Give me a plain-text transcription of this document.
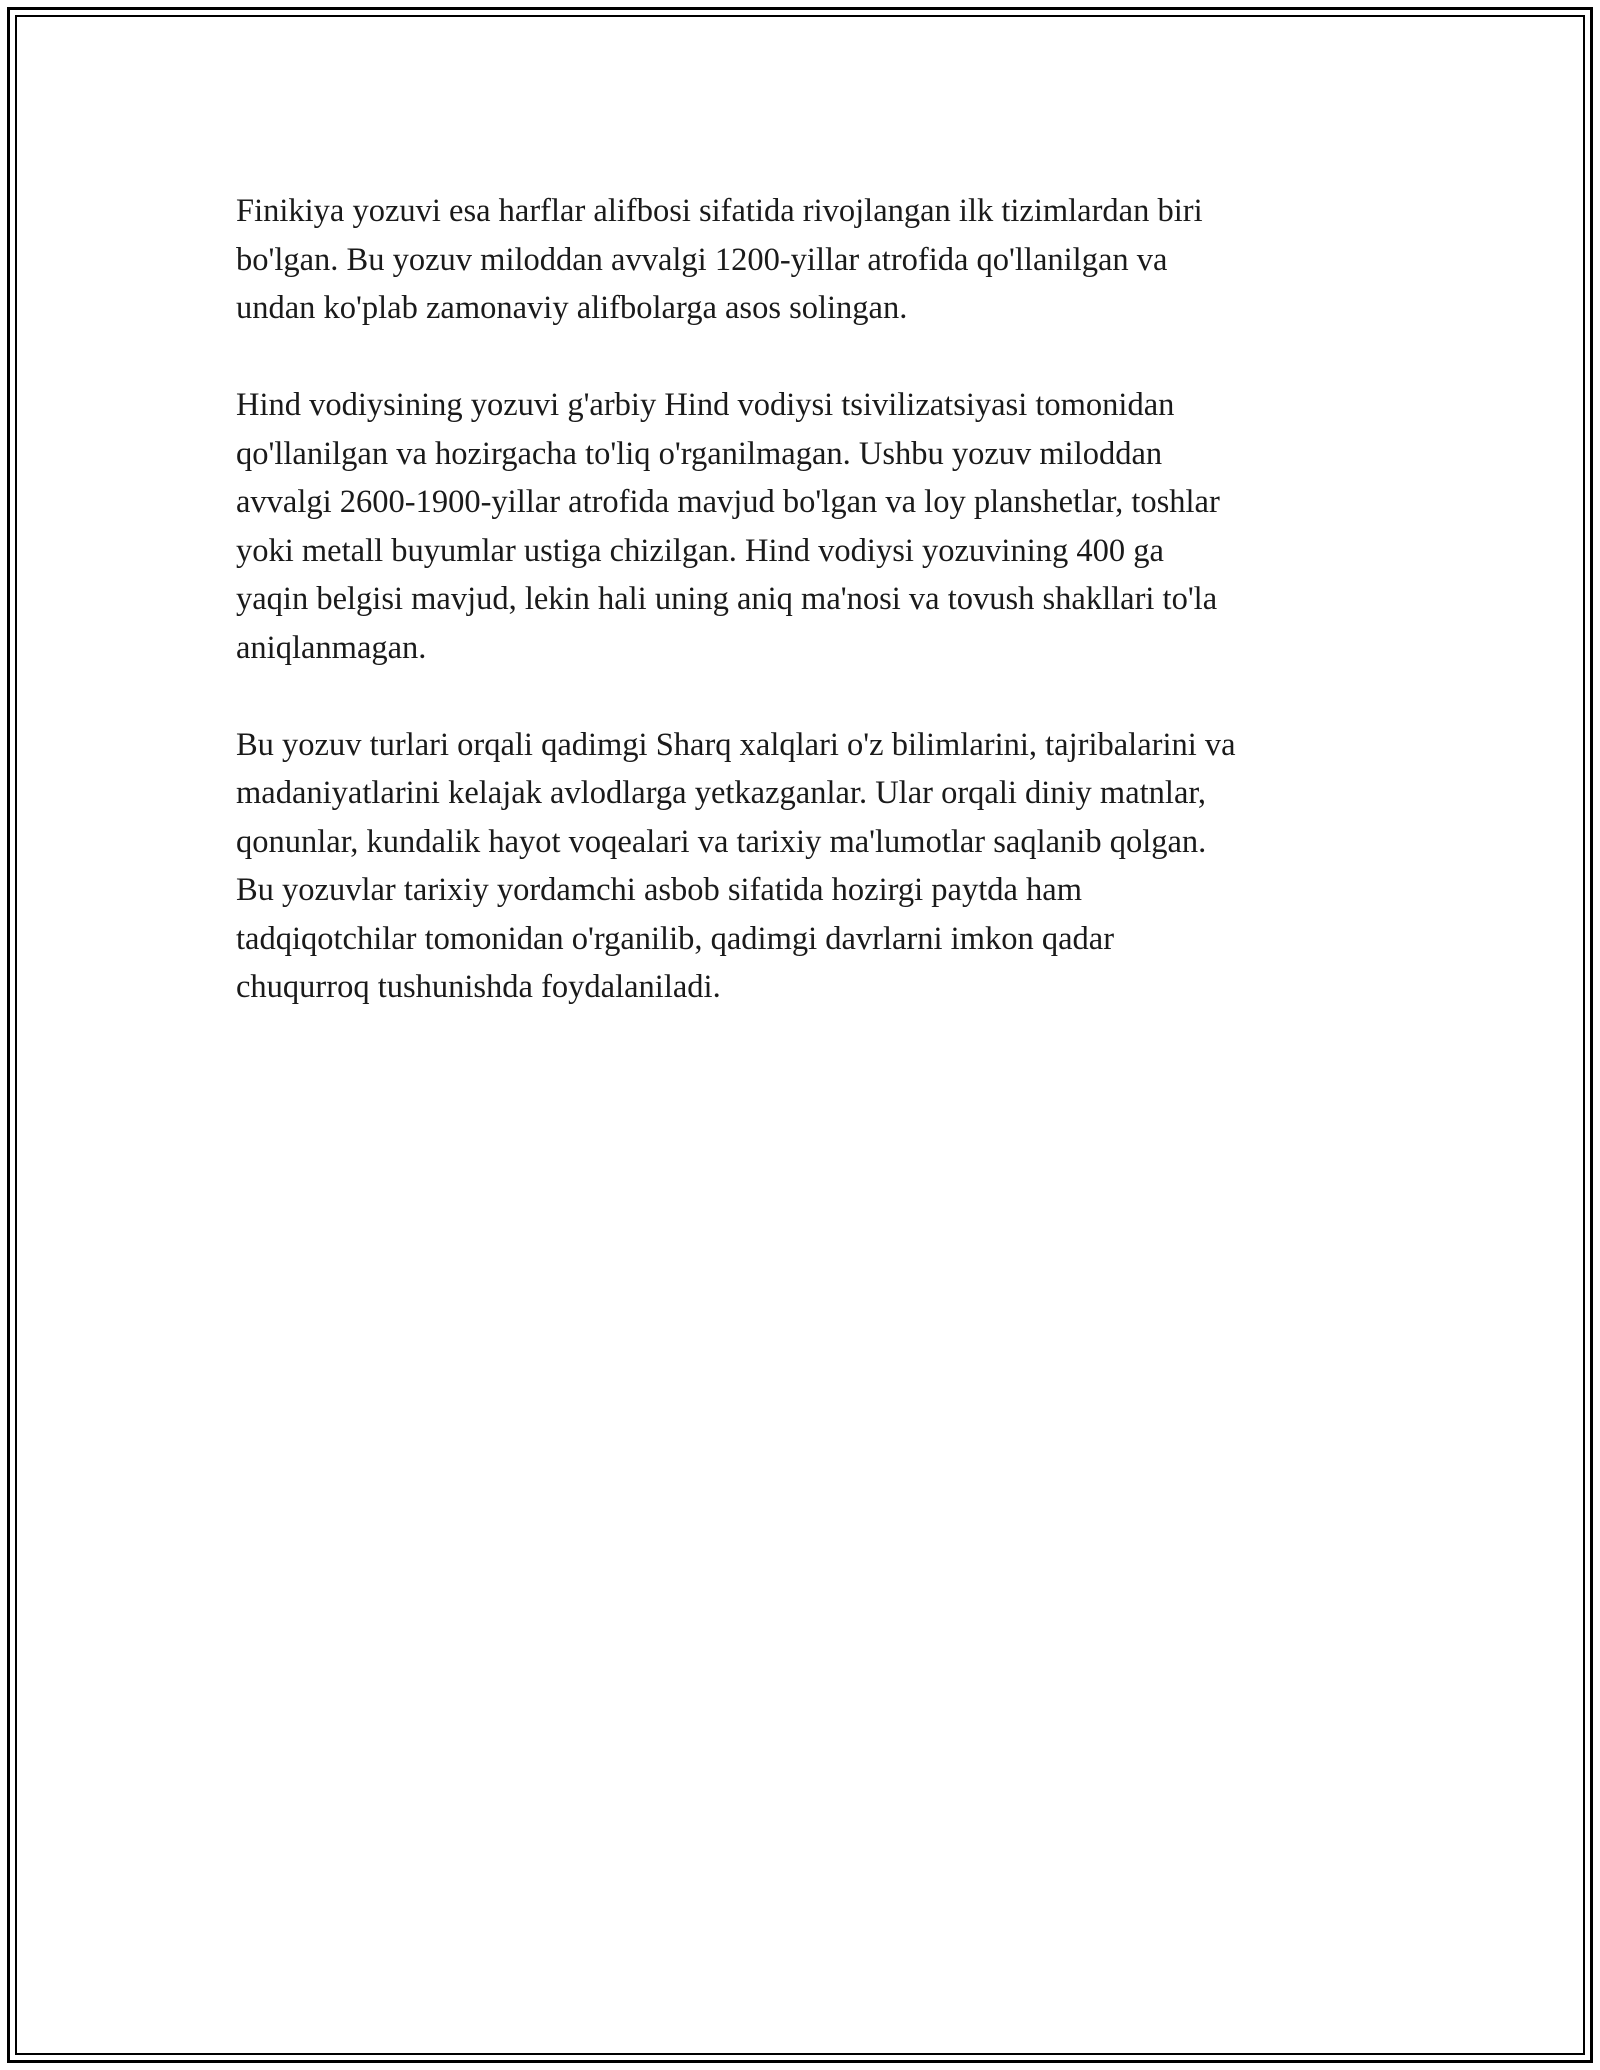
Finikiya yozuvi esa harflar alifbosi sifatida rivojlangan ilk tizimlardan biri
bo'lgan. Bu yozuv miloddan avvalgi 1200-yillar atrofida qo'llanilgan va
undan ko'plab zamonaviy alifbolarga asos solingan.

Hind vodiysining yozuvi g'arbiy Hind vodiysi tsivilizatsiyasi tomonidan
qo'llanilgan va hozirgacha to'liq o'rganilmagan. Ushbu yozuv miloddan
avvalgi 2600-1900-yillar atrofida mavjud bo'lgan va loy planshetlar, toshlar
yoki metall buyumlar ustiga chizilgan. Hind vodiysi yozuvining 400 ga
yaqin belgisi mavjud, lekin hali uning aniq ma'nosi va tovush shakllari to'la
aniqlanmagan.

Bu yozuv turlari orqali qadimgi Sharq xalqlari o'z bilimlarini, tajribalarini va
madaniyatlarini kelajak avlodlarga yetkazganlar. Ular orqali diniy matnlar,
qonunlar, kundalik hayot voqealari va tarixiy ma'lumotlar saqlanib qolgan.
Bu yozuvlar tarixiy yordamchi asbob sifatida hozirgi paytda ham
tadqiqotchilar tomonidan o'rganilib, qadimgi davrlarni imkon qadar
chuqurroq tushunishda foydalaniladi.
